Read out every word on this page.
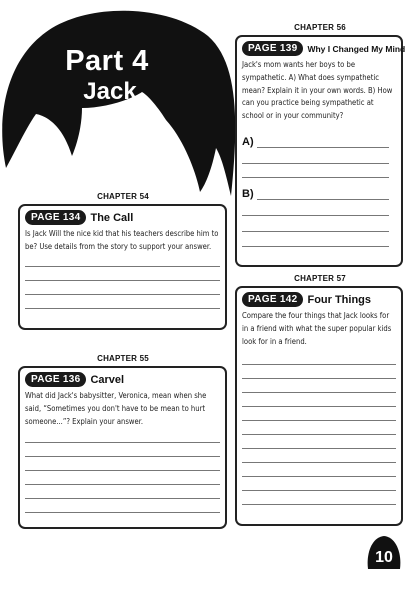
Part 4
Jack
CHAPTER 56
PAGE 139	Why I Changed My Mind
Jack's mom wants her boys to be sympathetic. A) What does sympathetic mean? Explain it in your own words. B) How can you practice being sympathetic at school or in your community?
A)
B)
CHAPTER 54
PAGE 134 The Call
Is Jack Will the nice kid that his teachers describe him to be? Use details from the story to support your answer.
CHAPTER 57
PAGE 142 Four Things
Compare the four things that Jack looks for in a friend with what the super popular kids look for in a friend.
CHAPTER 55
PAGE 136 Carvel
What did Jack's babysitter, Veronica, mean when she said, “Sometimes you don't have to be mean to hurt someone...”? Explain your answer.
10
